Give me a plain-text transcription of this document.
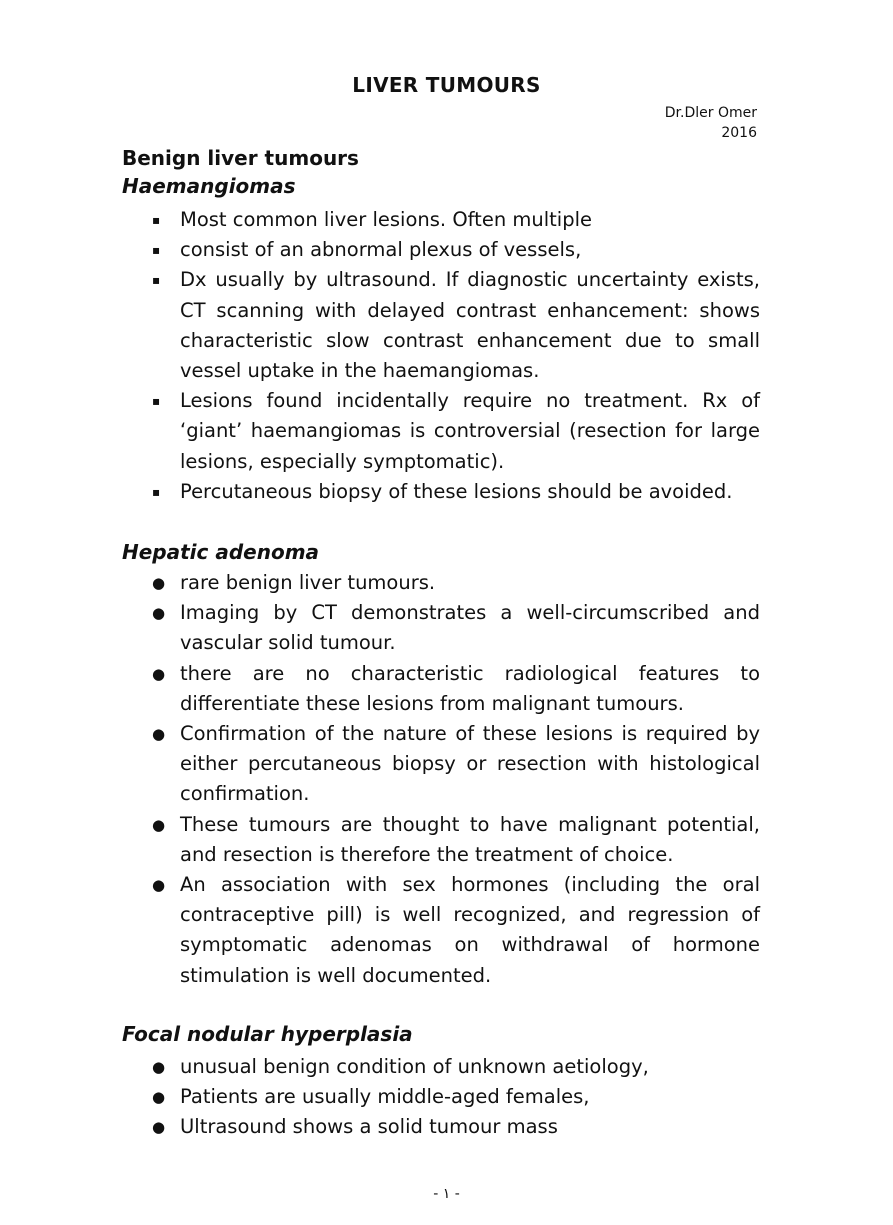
LIVER TUMOURS
Dr.Dler Omer
2016
Benign liver tumours
Haemangiomas
▪	Most common liver lesions. Often multiple
▪	consist of an abnormal plexus of vessels,
▪	Dx usually by ultrasound. If diagnostic uncertainty exists, CT scanning with delayed contrast enhancement: shows characteristic slow contrast enhancement due to small vessel uptake in the haemangiomas.
▪	Lesions found incidentally require no treatment. Rx of ‘giant’ haemangiomas is controversial (resection for large lesions, especially symptomatic).
▪	Percutaneous biopsy of these lesions should be avoided.
Hepatic adenoma
● rare benign liver tumours.
● Imaging by CT demonstrates a well-circumscribed and vascular solid tumour.
● there are no characteristic radiological features to differentiate these lesions from malignant tumours.
● Confirmation of the nature of these lesions is required by either percutaneous biopsy or resection with histological confirmation.
● These tumours are thought to have malignant potential, and resection is therefore the treatment of choice.
● An association with sex hormones (including the oral contraceptive pill) is well recognized, and regression of symptomatic adenomas on withdrawal of hormone stimulation is well documented.
Focal nodular hyperplasia
● unusual benign condition of unknown aetiology,
● Patients are usually middle-aged females,
● Ultrasound shows a solid tumour mass
- ١ -
